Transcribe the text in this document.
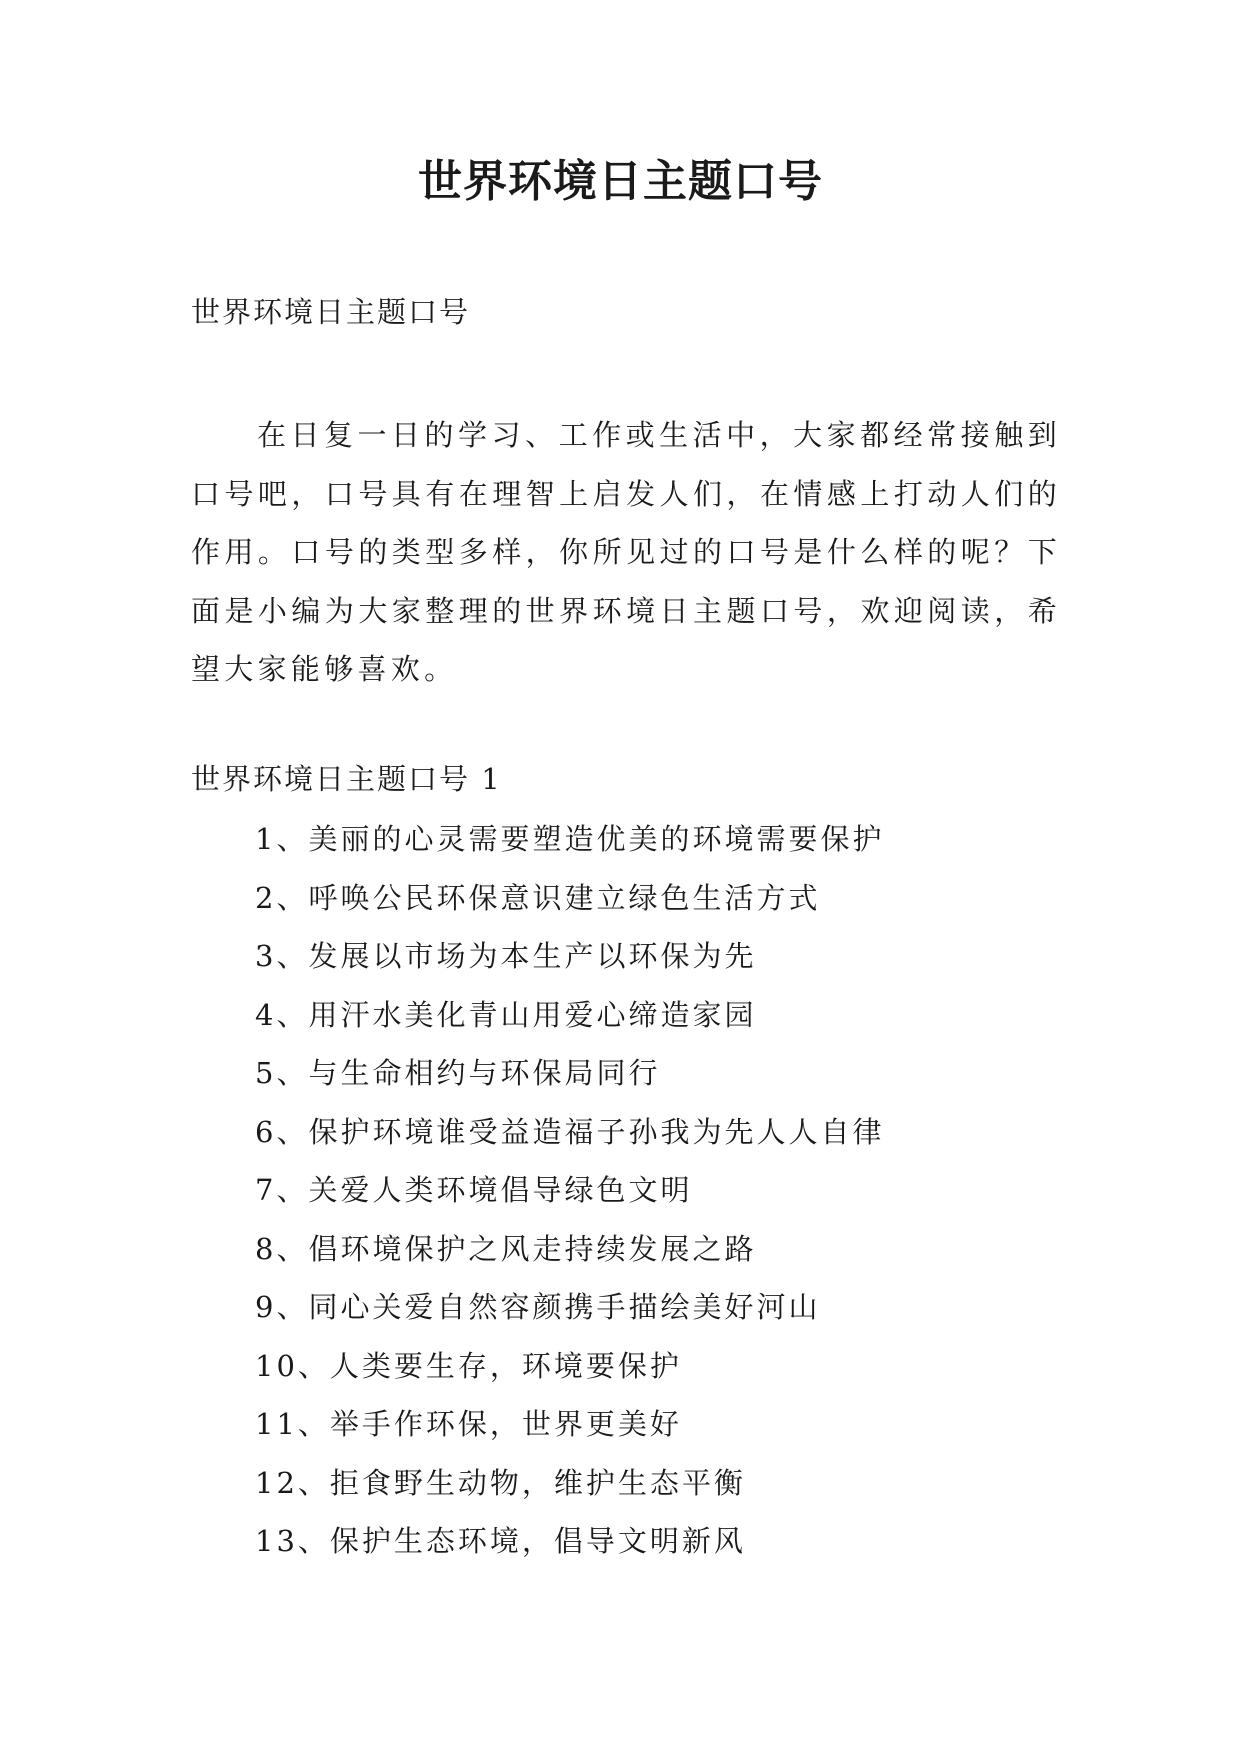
世界环境日主题口号

世界环境日主题口号

在日复一日的学习、工作或生活中，大家都经常接触到口号吧，口号具有在理智上启发人们，在情感上打动人们的作用。口号的类型多样，你所见过的口号是什么样的呢？下面是小编为大家整理的世界环境日主题口号，欢迎阅读，希望大家能够喜欢。

世界环境日主题口号 1

1、美丽的心灵需要塑造优美的环境需要保护
2、呼唤公民环保意识建立绿色生活方式
3、发展以市场为本生产以环保为先
4、用汗水美化青山用爱心缔造家园
5、与生命相约与环保局同行
6、保护环境谁受益造福子孙我为先人人自律
7、关爱人类环境倡导绿色文明
8、倡环境保护之风走持续发展之路
9、同心关爱自然容颜携手描绘美好河山
10、人类要生存，环境要保护
11、举手作环保，世界更美好
12、拒食野生动物，维护生态平衡
13、保护生态环境，倡导文明新风
